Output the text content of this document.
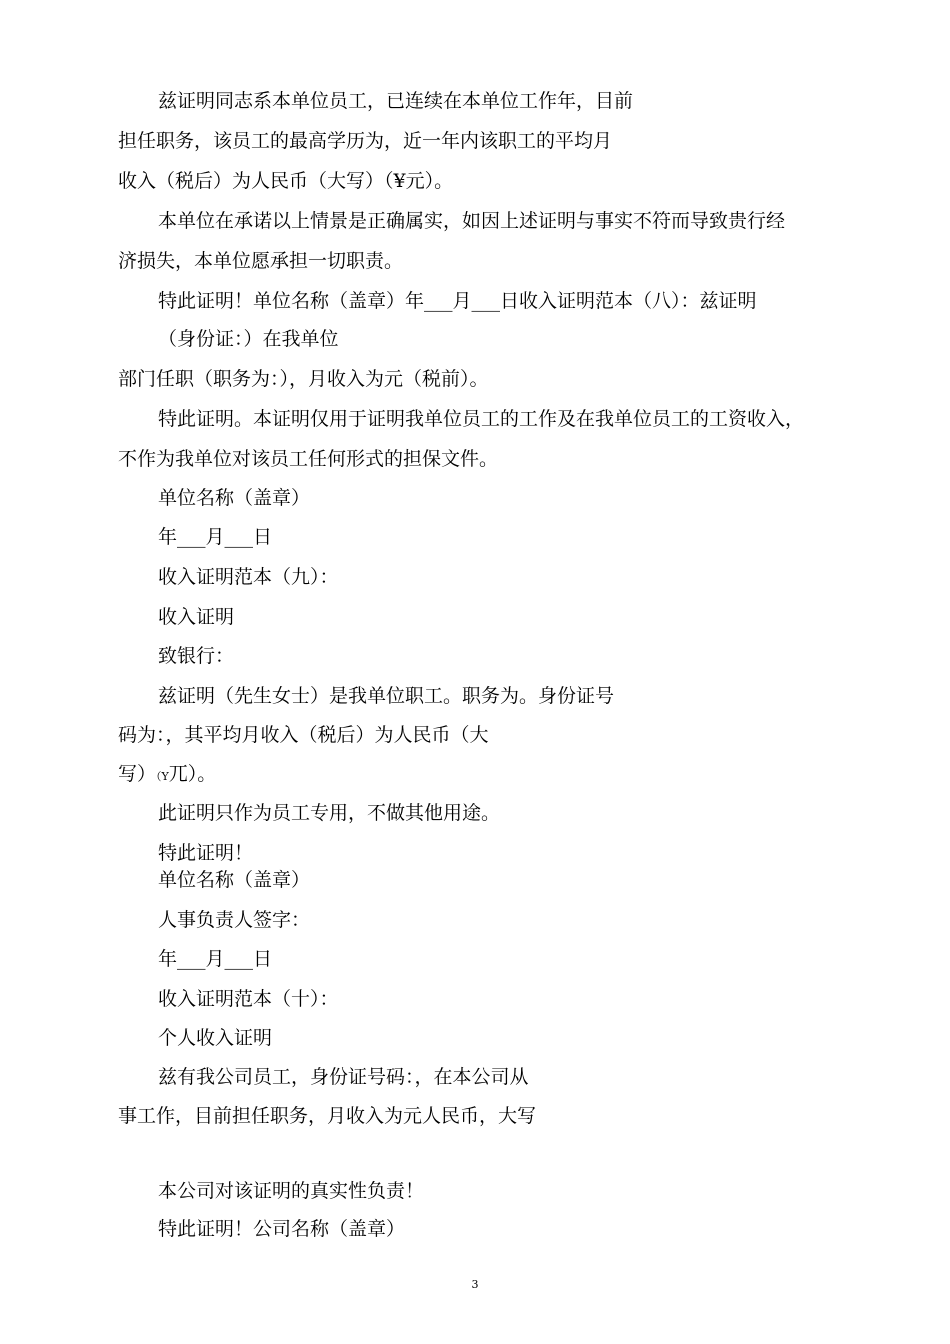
兹证明同志系本单位员工，已连续在本单位工作年，目前
担任职务，该员工的最高学历为，近一年内该职工的平均月
收入（税后）为人民币（大写）（¥元）。
本单位在承诺以上情景是正确属实，如因上述证明与事实不符而导致贵行经
济损失，本单位愿承担一切职责。
特此证明！单位名称（盖章）年___月___日收入证明范本（八）：兹证明
（身份证：）在我单位
部门任职（职务为：），月收入为元（税前）。
特此证明。本证明仅用于证明我单位员工的工作及在我单位员工的工资收入，
不作为我单位对该员工任何形式的担保文件。
单位名称（盖章）
年___月___日
收入证明范本（九）：
收入证明
致银行：
兹证明（先生女士）是我单位职工。职务为。身份证号
码为：，其平均月收入（税后）为人民币（大
写）（Y兀）。
此证明只作为员工专用，不做其他用途。
特此证明！
单位名称（盖章）
人事负责人签字：
年___月___日
收入证明范本（十）：
个人收入证明
兹有我公司员工，身份证号码：，在本公司从
事工作，目前担任职务，月收入为元人民币，大写
本公司对该证明的真实性负责！
特此证明！公司名称（盖章）
3
